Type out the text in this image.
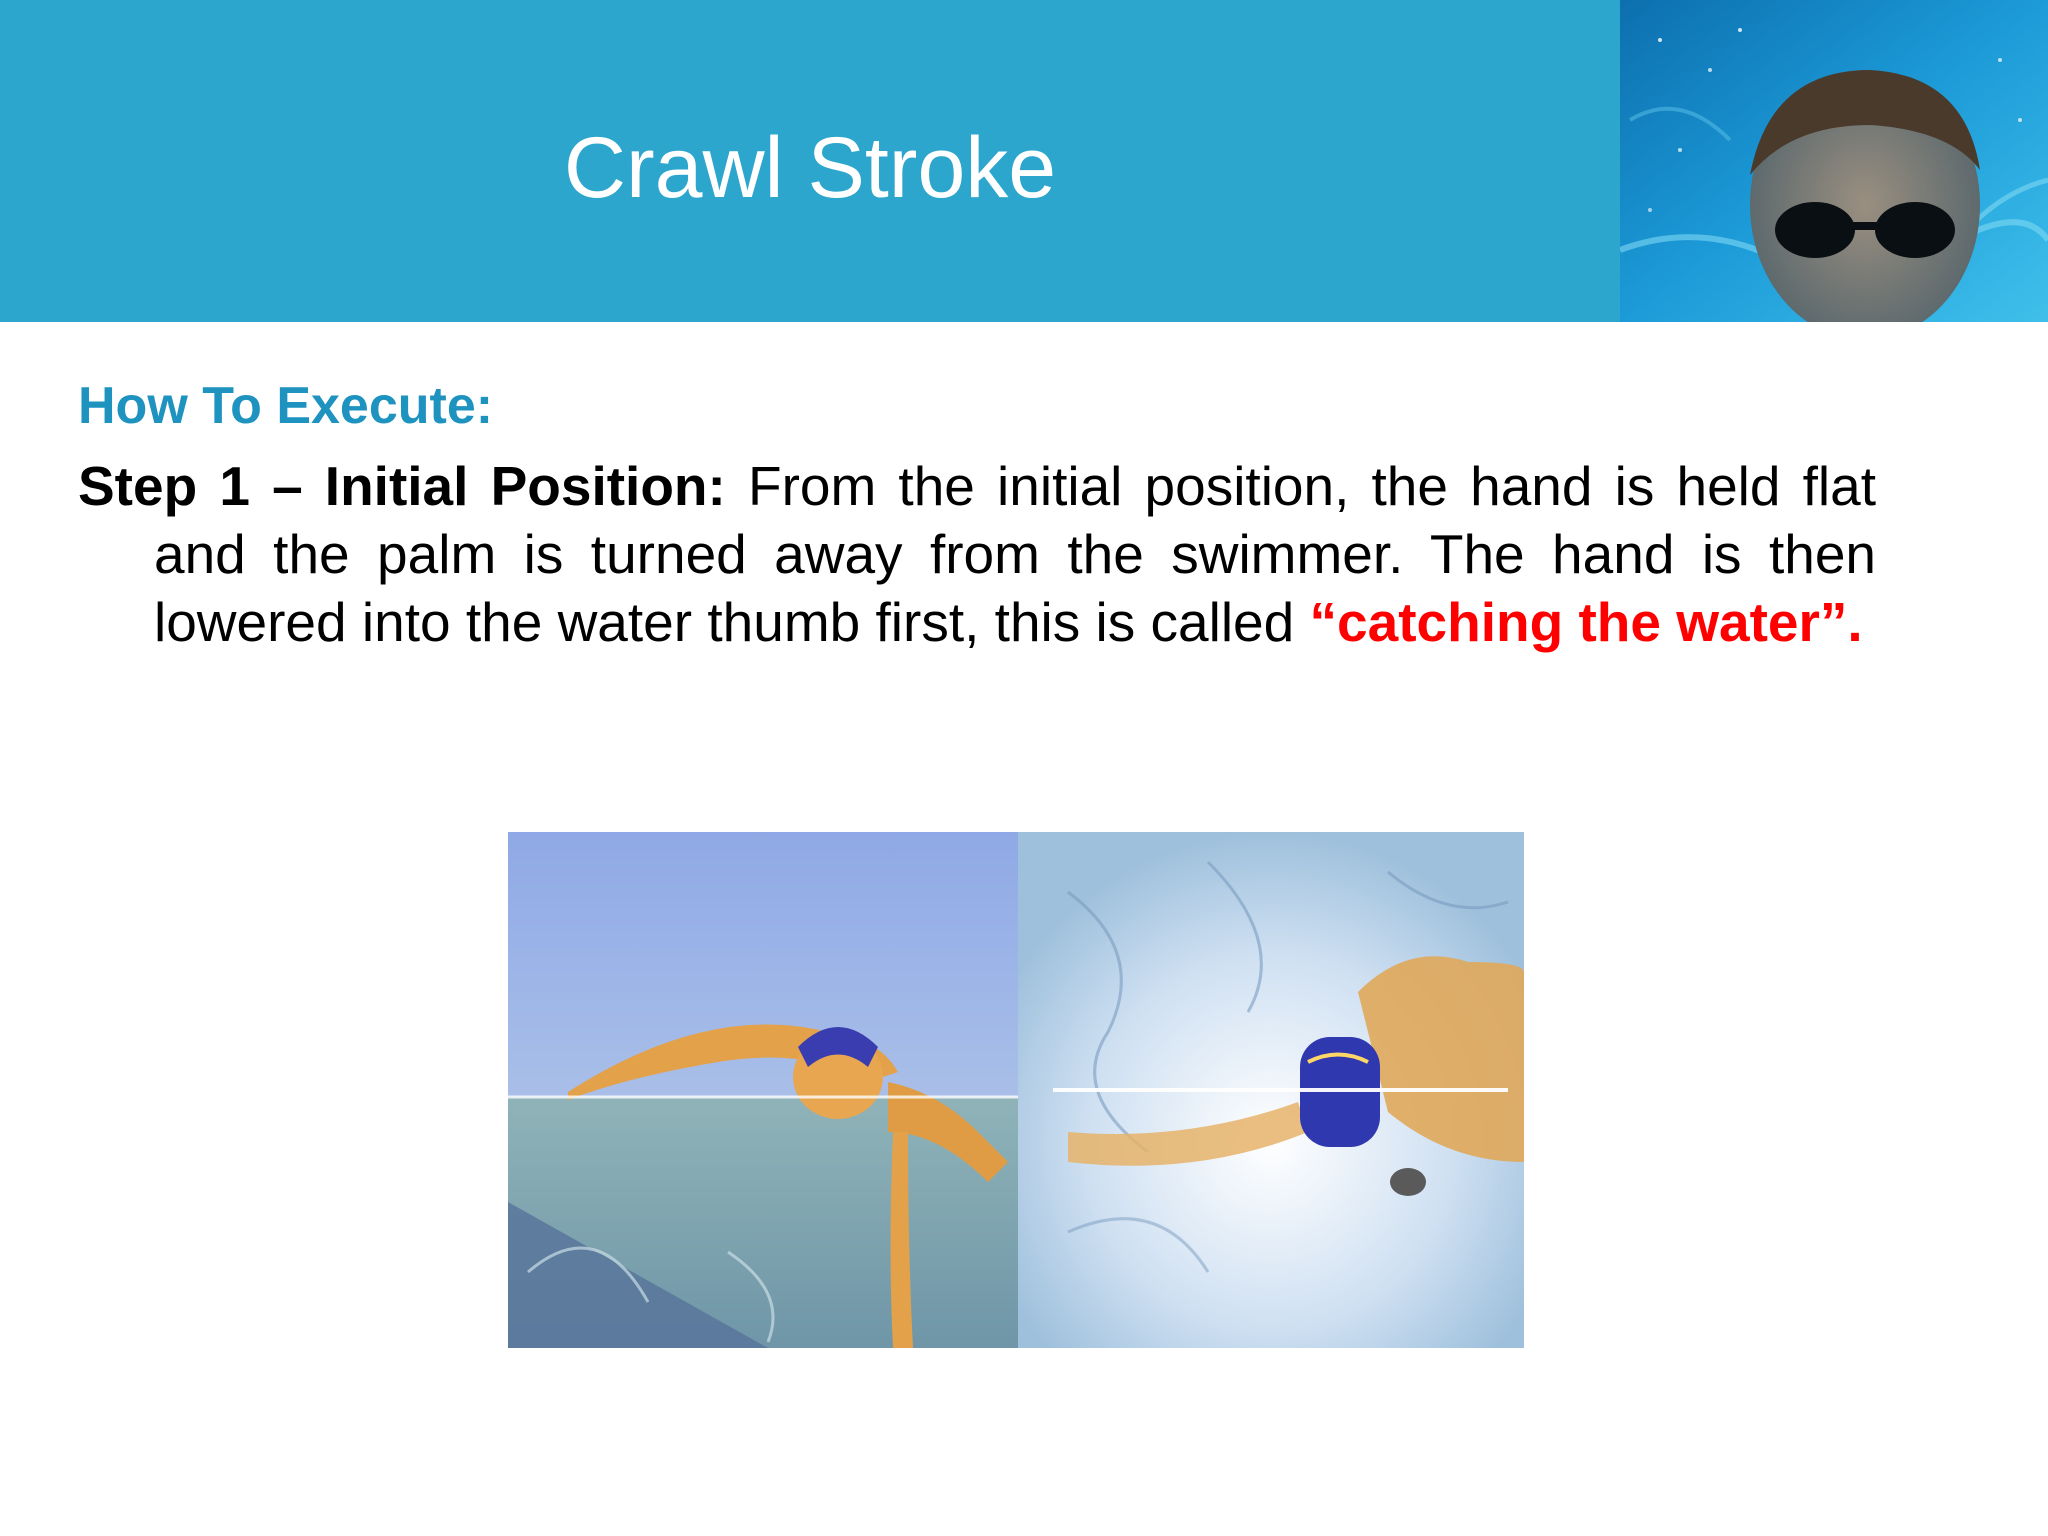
Crawl Stroke
How To Execute:
Step 1 – Initial Position: From the initial position, the hand is held flat and the palm is turned away from the swimmer. The hand is then lowered into the water thumb first, this is called “catching the water”.
